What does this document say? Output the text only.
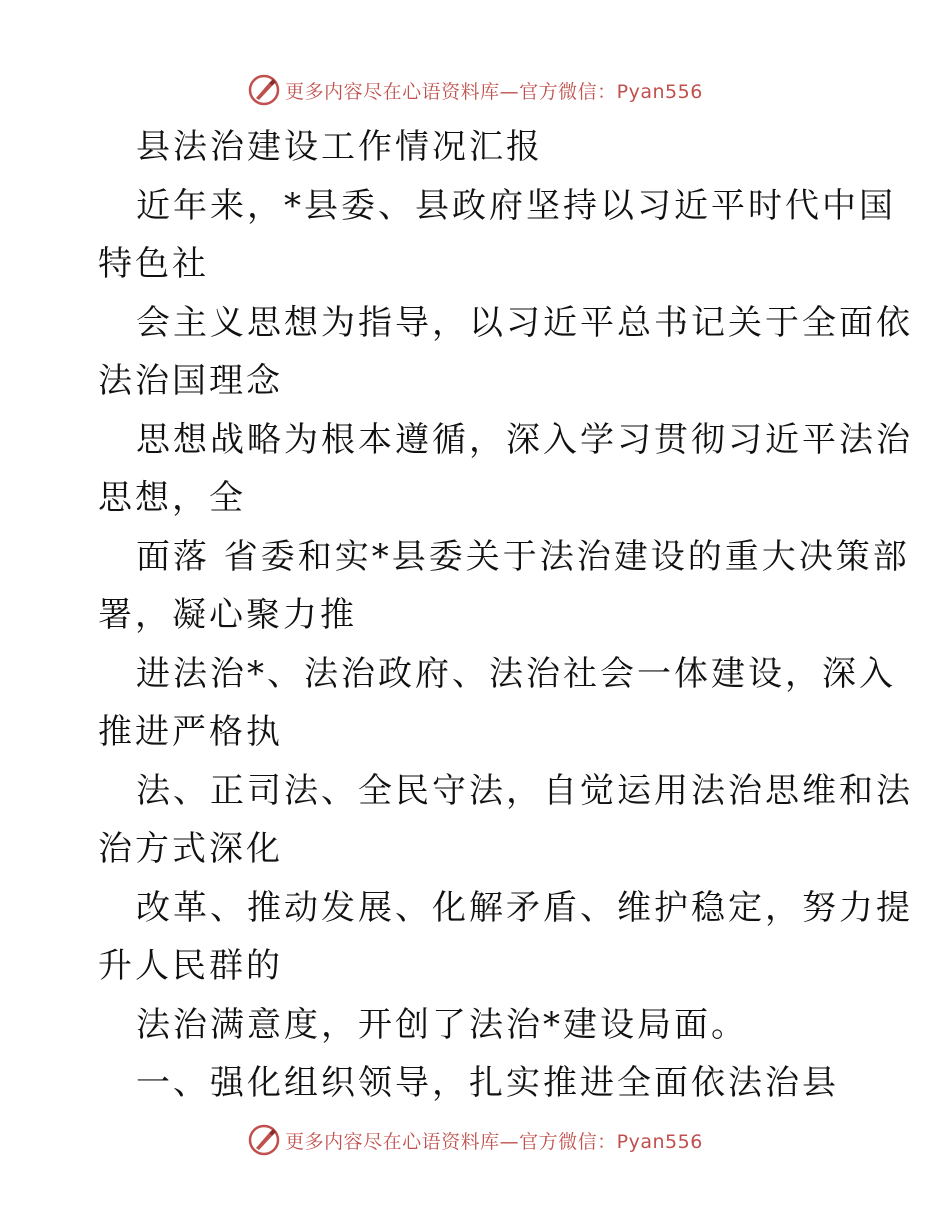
更多内容尽在心语资料库—官方微信：Pyan556
县法治建设工作情况汇报
近年来，*县委、县政府坚持以习近平时代中国
特色社
会主义思想为指导，以习近平总书记关于全面依
法治国理念
思想战略为根本遵循，深入学习贯彻习近平法治
思想，全
面落 省委和实*县委关于法治建设的重大决策部
署，凝心聚力推
进法治*、法治政府、法治社会一体建设，深入
推进严格执
法、正司法、全民守法，自觉运用法治思维和法
治方式深化
改革、推动发展、化解矛盾、维护稳定，努力提
升人民群的
法治满意度，开创了法治*建设局面。
一、强化组织领导，扎实推进全面依法治县
更多内容尽在心语资料库—官方微信：Pyan556
